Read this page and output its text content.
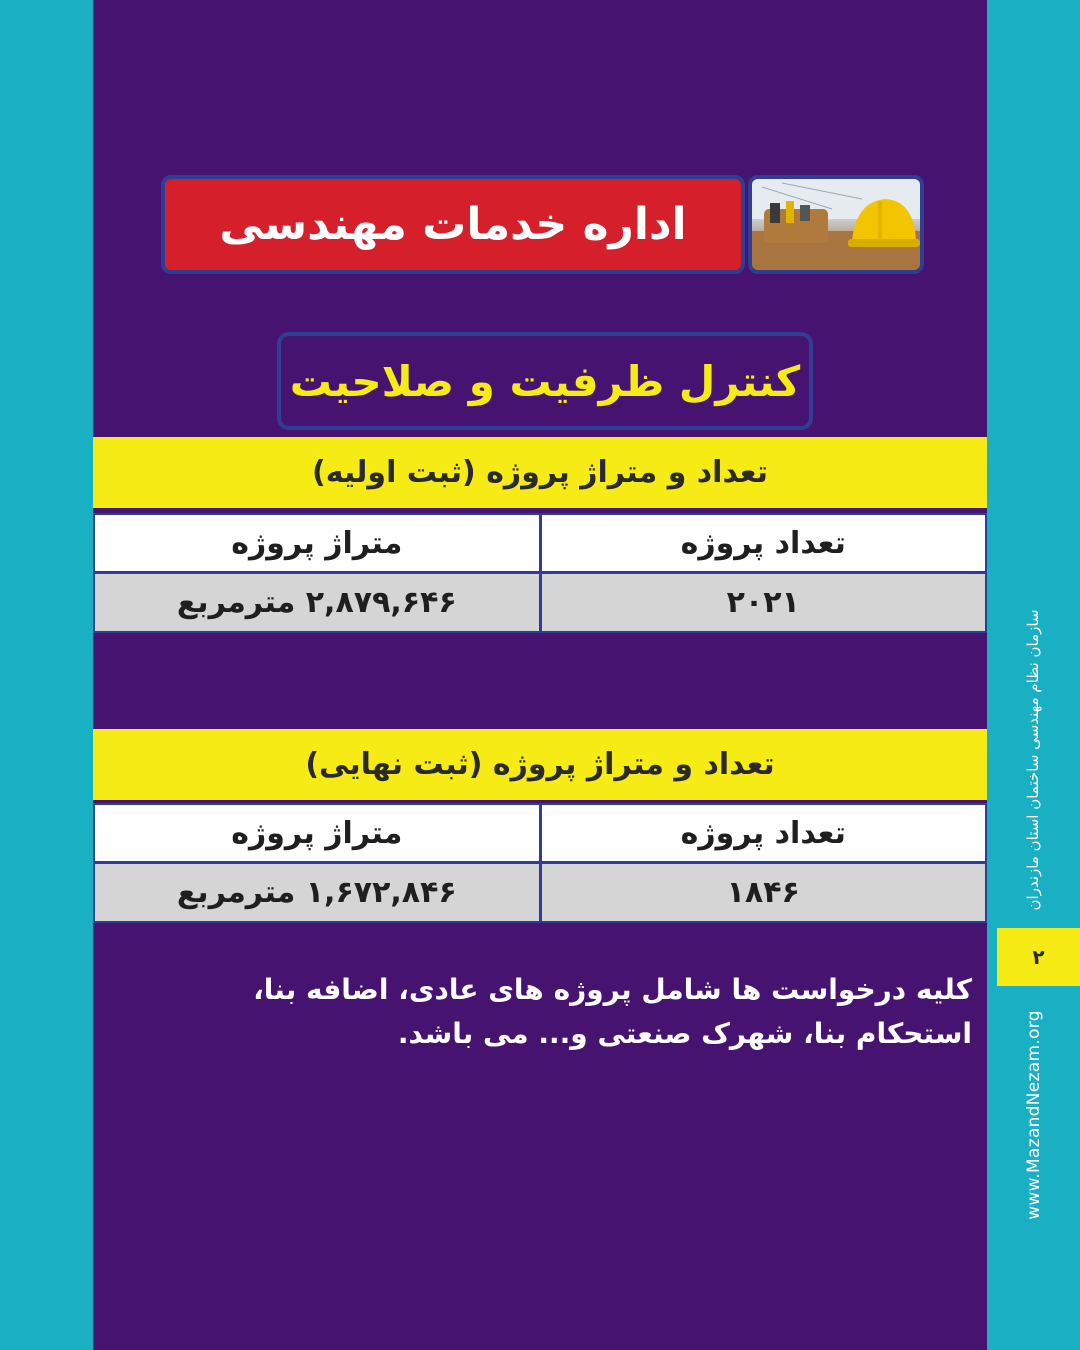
سازمان نظام مهندسی ساختمان استان مازندران
۲
www.MazandNezam.org
اداره خدمات مهندسی
کنترل ظرفیت و صلاحیت
تعداد و متراژ پروژه (ثبت اولیه)
تعداد پروژه
متراژ پروژه
۲۰۲۱
۲,۸۷۹,۶۴۶ مترمربع
تعداد و متراژ پروژه (ثبت نهایی)
تعداد پروژه
متراژ پروژه
۱۸۴۶
۱,۶۷۲,۸۴۶ مترمربع
کلیه درخواست ها شامل پروژه های عادی، اضافه بنا، استحکام بنا، شهرک صنعتی و... می باشد.
